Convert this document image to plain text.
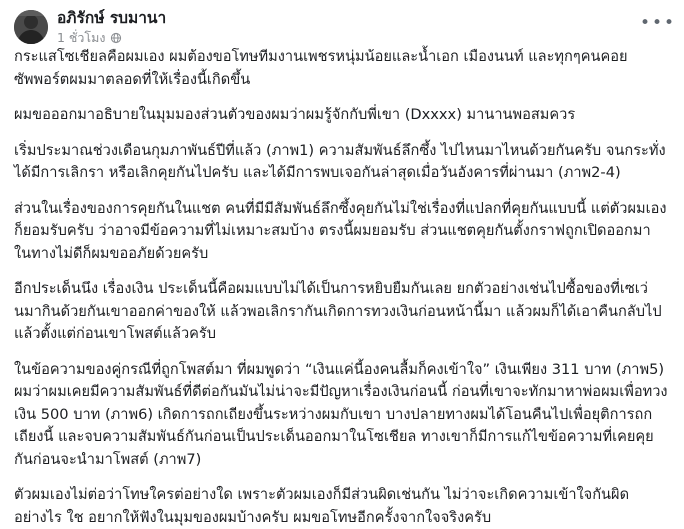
อภิรักษ์ รบมานา
1 ชั่วโมง
•••

กระแสโซเชียลคือผมเอง ผมต้องขอโทษทีมงานเพชรหนุ่มน้อยและน้ำเอก เมืองนนท์ และทุกๆคนคอยซัพพอร์ตผมมาตลอดที่ให้เรื่องนี้เกิดขึ้น

ผมขอออกมาอธิบายในมุมมองส่วนตัวของผมว่าผมรู้จักกับพี่เขา (Dxxxx) มานานพอสมควร

เริ่มประมาณช่วงเดือนกุมภาพันธ์ปีที่แล้ว (ภาพ1) ความสัมพันธ์ลึกซึ้ง ไปไหนมาไหนด้วยกันครับ จนกระทั่งได้มีการเลิกรา หรือเลิกคุยกันไปครับ และได้มีการพบเจอกันล่าสุดเมื่อวันอังคารที่ผ่านมา (ภาพ2-4)

ส่วนในเรื่องของการคุยกันในแชต คนที่มีมีสัมพันธ์ลึกซึ้งคุยกันไม่ใช่เรื่องที่แปลกที่คุยกันแบบนี้ แต่ตัวผมเองก็ยอมรับครับ ว่าอาจมีข้อความที่ไม่เหมาะสมบ้าง ตรงนี้ผมยอมรับ ส่วนแชตคุยกันตั้งกราฟถูกเปิดออกมา ในทางไม่ดีก็ผมขออภัยด้วยครับ

อีกประเด็นนึง เรื่องเงิน ประเด็นนี้คือผมแบบไม่ได้เป็นการหยิบยืมกันเลย ยกตัวอย่างเช่นไปซื้อของที่เซเว่นมากินด้วยกันเขาออกค่าของให้ แล้วพอเลิกรากันเกิดการทวงเงินก่อนหน้านี้มา แล้วผมก็ได้เอาคืนกลับไปแล้วตั้งแต่ก่อนเขาโพสต์แล้วครับ

ในข้อความของคู่กรณีที่ถูกโพสต์มา ที่ผมพูดว่า “เงินแค่นี้องคนลื้มก็คงเข้าใจ” เงินเพียง 311 บาท (ภาพ5) ผมว่าผมเคยมีความสัมพันธ์ที่ดีต่อกันมันไม่น่าจะมีปัญหาเรื่องเงินก่อนนี้ ก่อนที่เขาจะทักมาหาพ่อผมเพื่อทวงเงิน 500 บาท (ภาพ6) เกิดการถกเถียงขึ้นระหว่างผมกับเขา บางปลายทางผมได้โอนคืนไปเพื่อยุติการถกเถียงนี้ และจบความสัมพันธ์กันก่อนเป็นประเด็นออกมาในโซเชียล ทางเขาก็มีการแก้ไขข้อความที่เคยคุยกันก่อนจะนำมาโพสต์ (ภาพ7)

ตัวผมเองไม่ต่อว่าโทษใครต่อย่างใด เพราะตัวผมเองก็มีส่วนผิดเช่นกัน ไม่ว่าจะเกิดความเข้าใจกันผิดอย่างไร ใช อยากให้ฟังในมุมของผมบ้างครับ ผมขอโทษอีกครั้งจากใจจริงครับ
